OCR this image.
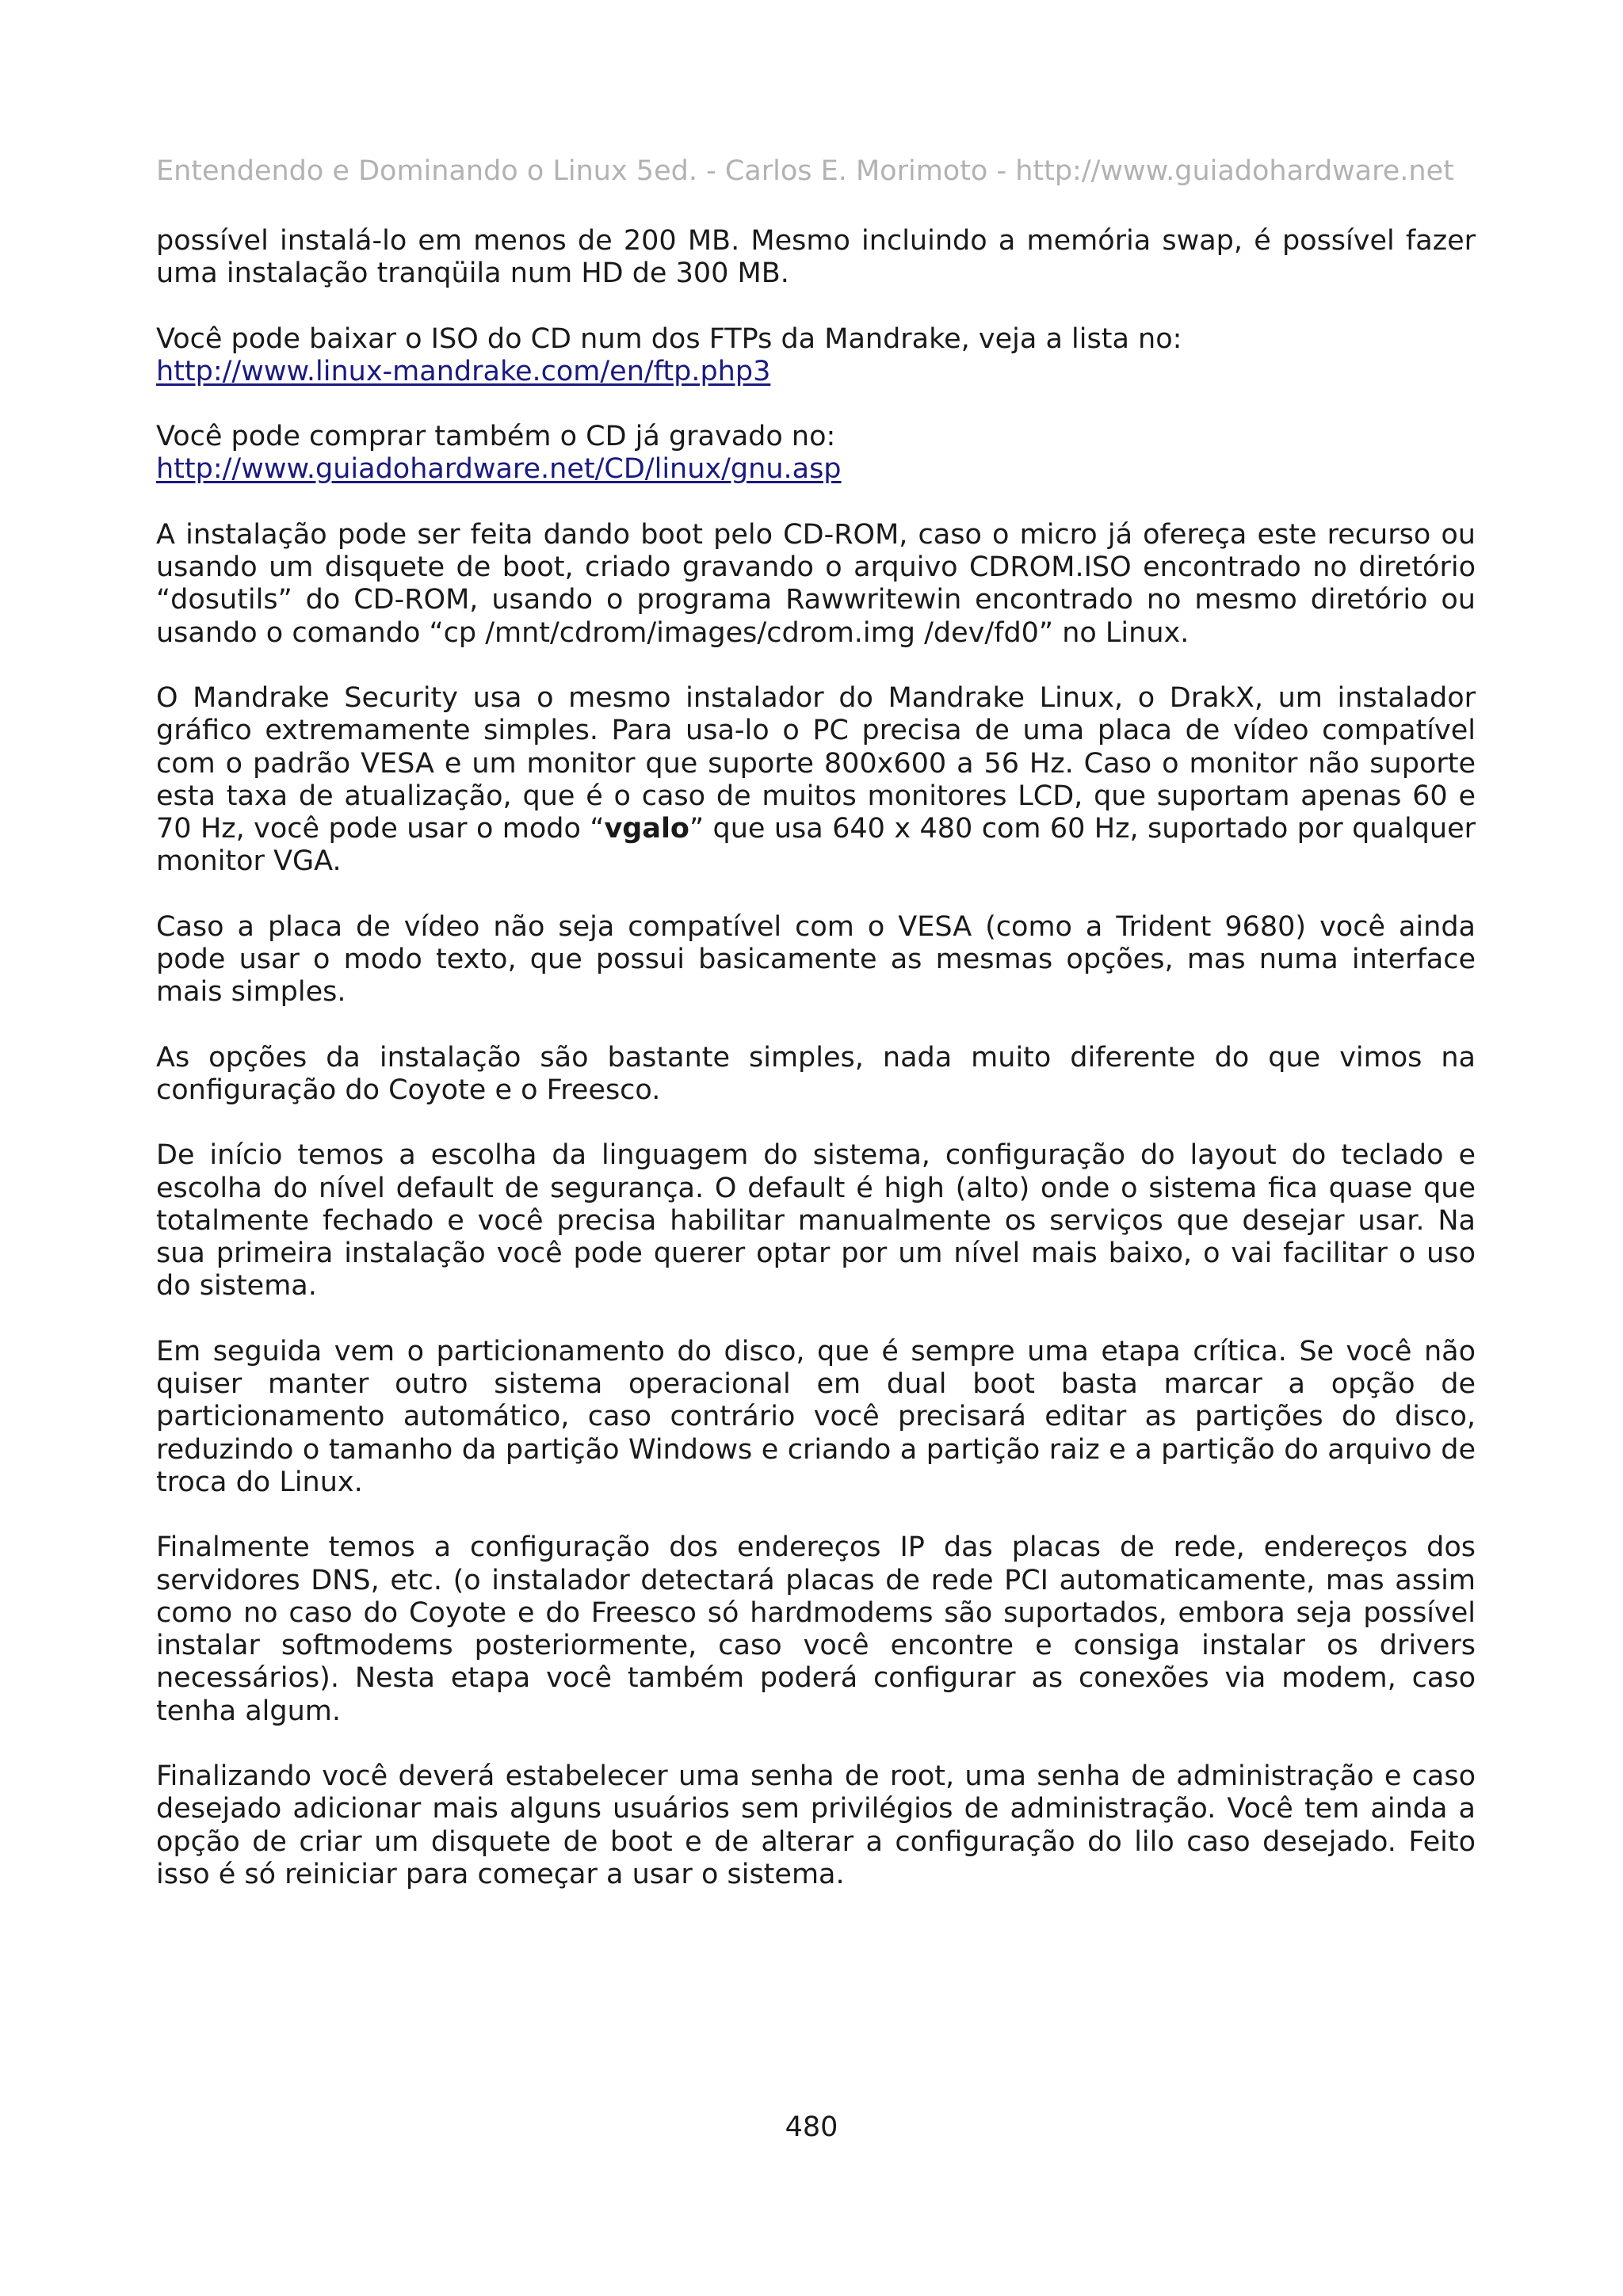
Entendendo e Dominando o Linux 5ed. - Carlos E. Morimoto - http://www.guiadohardware.net

possível instalá-lo em menos de 200 MB. Mesmo incluindo a memória swap, é possível fazer uma instalação tranqüila num HD de 300 MB.

Você pode baixar o ISO do CD num dos FTPs da Mandrake, veja a lista no:
http://www.linux-mandrake.com/en/ftp.php3

Você pode comprar também o CD já gravado no:
http://www.guiadohardware.net/CD/linux/gnu.asp

A instalação pode ser feita dando boot pelo CD-ROM, caso o micro já ofereça este recurso ou usando um disquete de boot, criado gravando o arquivo CDROM.ISO encontrado no diretório “dosutils” do CD-ROM, usando o programa Rawwritewin encontrado no mesmo diretório ou usando o comando “cp /mnt/cdrom/images/cdrom.img /dev/fd0” no Linux.

O Mandrake Security usa o mesmo instalador do Mandrake Linux, o DrakX, um instalador gráfico extremamente simples. Para usa-lo o PC precisa de uma placa de vídeo compatível com o padrão VESA e um monitor que suporte 800x600 a 56 Hz. Caso o monitor não suporte esta taxa de atualização, que é o caso de muitos monitores LCD, que suportam apenas 60 e 70 Hz, você pode usar o modo “vgalo” que usa 640 x 480 com 60 Hz, suportado por qualquer monitor VGA.

Caso a placa de vídeo não seja compatível com o VESA (como a Trident 9680) você ainda pode usar o modo texto, que possui basicamente as mesmas opções, mas numa interface mais simples.

As opções da instalação são bastante simples, nada muito diferente do que vimos na configuração do Coyote e o Freesco.

De início temos a escolha da linguagem do sistema, configuração do layout do teclado e escolha do nível default de segurança. O default é high (alto) onde o sistema fica quase que totalmente fechado e você precisa habilitar manualmente os serviços que desejar usar. Na sua primeira instalação você pode querer optar por um nível mais baixo, o vai facilitar o uso do sistema.

Em seguida vem o particionamento do disco, que é sempre uma etapa crítica. Se você não quiser manter outro sistema operacional em dual boot basta marcar a opção de particionamento automático, caso contrário você precisará editar as partições do disco, reduzindo o tamanho da partição Windows e criando a partição raiz e a partição do arquivo de troca do Linux.

Finalmente temos a configuração dos endereços IP das placas de rede, endereços dos servidores DNS, etc. (o instalador detectará placas de rede PCI automaticamente, mas assim como no caso do Coyote e do Freesco só hardmodems são suportados, embora seja possível instalar softmodems posteriormente, caso você encontre e consiga instalar os drivers necessários). Nesta etapa você também poderá configurar as conexões via modem, caso tenha algum.

Finalizando você deverá estabelecer uma senha de root, uma senha de administração e caso desejado adicionar mais alguns usuários sem privilégios de administração. Você tem ainda a opção de criar um disquete de boot e de alterar a configuração do lilo caso desejado. Feito isso é só reiniciar para começar a usar o sistema.

480
